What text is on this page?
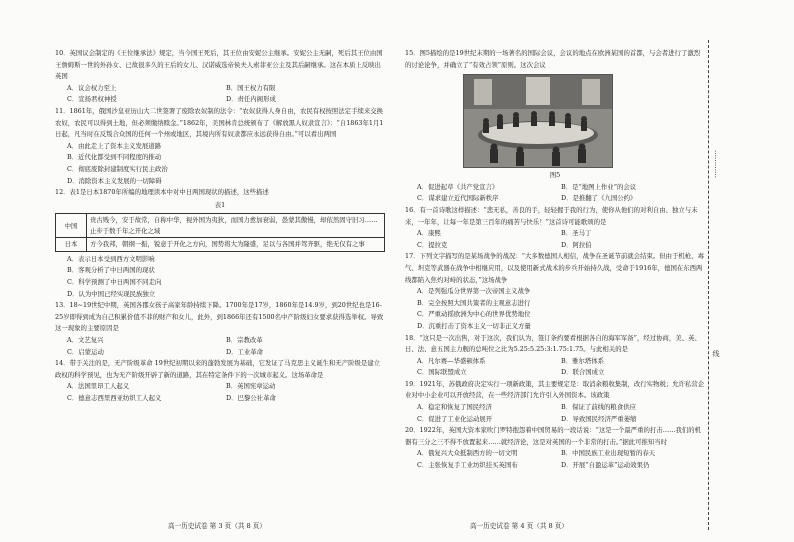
10．英国议会制定的《王位继承法》规定，当今国王死后，其王位由安妮公主继承。安妮公主无嗣，死后其王位由国王詹姆斯一世的外孙女、已故很多久的王后的女儿、汉诺威选帝侯夫人索菲亚公主及其后嗣继承。这在本质上反映出英国

A．议会权力至上	B．国王权力有限
C．宣扬君权神授	D．责任内阁形成

11．1861年，俄国沙皇亚历山大二世签署了废除农奴制的法令：“农奴获得人身自由，农民有权按照法定手续来交换农奴，农民可以得到土地，但必须缴纳赎金。”1862年，美国林肯总统颁布了《解放黑人奴隶宣言》：“自1863年1月1日起，凡当时在反叛合众国的任何一个州或地区，其境内所有奴隶都应永远获得自由。”可以看出两国

A．由此走上了资本主义发展道路
B．近代化都受到不同程度的推动
C．彻底废除封建制度实行民主政治
D．消除资本主义发展的一切障碍

12．表1是日本1870年所编的地理读本中对中日两国现状的描述，这些描述

表1
中国	贵古贱今，安于故常，自称中华，视外国为夷狄，而国力愈加衰弱，愚蒙其傲慢，却依然固守旧习……止步于数千年之开化之域
日本	方今我邦，朝纲一振，锐意于开化之方向，国势将大为隆盛，足以与各国并驾齐驱，绝无仅有之事
A．表示日本受到西方文明影响
B．客观分析了中日两国的现状
C．科学预测了中日两国不同走向
D．认为中国已经实现民族独立

13．18~19世纪中期，英国各郡女孩子高家年龄持续下降。1700年是17岁，1860年是14.9岁，到20世纪也是16-25岁即得到成为自己积累价值不菲的财产和女儿，此外，到1866年还有1500名中产阶级妇女要求获得选举权。导致这一现象的主要原因是

A．文艺复兴	B．宗教改革
C．启蒙运动	D．工业革命

14．带于关注的是，无产阶级革命 19世纪初期以来的蓬勃发展为基础，它发证了马克思主义诞生和无产阶级是建立政权的科学预见，也为无产阶级开辟了新的道路，其在特定条件下的一次城市起义。这场革命是

A．法国里昂工人起义	B．英国宪章运动
C．德意志西里西亚纺织工人起义	D．巴黎公社革命

15．图5描绘的是19世纪末期的一场著名的国际会议，会议的地点在欧洲某国的首都，与会者进行了激烈的讨论论争，并确立了“有效占领”原则。这次会议

图5

A．促进起草《共产党宣言》	B．是“地图上作业”的会议
C．谋求建立近代国际新秩序	D．是推翻了《九国公约》

16．有一首诗歌这样描述：“悲无私，善良的手，轻轻握于我的行为，使你从他们的对利自由、独立与未来，一年年，让每一年是第三百年的痛苦与快乐！”这首诗可能歌颂的是

A．康熙	B．圣马丁
C．提拉克	D．阿拉伯

17．下列文字描写的是某场战争的战况：“大多数德国人相信，战争在圣诞节前就会结束。但由于机枪、毒气、坦克等武器在战争中相继应用，以及使用新式战术的步兵开始持久战，受命于1916年，德国在东西两线都陷入焦灼对峙的状态，”这场战争

A．是列强瓜分世界第一次帝国主义战争
B．完全按照大国共策者的主观意志进行
C．严重动摇欧洲为中心的世界优势地位
D．沉重打击了资本主义一切非正义方量

18．“这只是一次出售，对于这次，我们认为，签订条约要看根据各自的海军军备”，经过协商，美、英、日、法、意五国主力舰的总吨位之比为5.25:5.25:3:1.75:1.75。与此相关的是

A．凡尔赛—华盛顿体系	B．雅尔塔体系
C．国际联盟成立	D．联合国成立

19．1921年，苏俄政府决定实行一项新政策，其主要规定是：取消余粮收集制，改行实物税；允许私营企业对中小企业可以开放经营，在一些经济部门允许引入外国资本。该政策

A．稳定和恢复了国民经济	B．保证了前线的粮食供应
C．促进了工业化运动展开	D．导致国民经济严重萎缩

20．1922年，英国大资本家吹门罗特抱怨着中国贸易的一段话说：“这是一个最严重的打击……我们的机器有三分之三不得不放置起来……就经济论，这是对英国的一个非常的打击。”据此可推知当时

A．俄复兴大众抵制西方的一切文明	B．中国民族工业出现短暂的春天
C．主张恢复手工业坊织挂买英国布	D．开展“自盈运革”运动效果仍
高一历史试卷 第 3 页（共 8 页）	高一历史试卷 第 4 页（共 8 页）
⋯⋯⋯⋯
线
